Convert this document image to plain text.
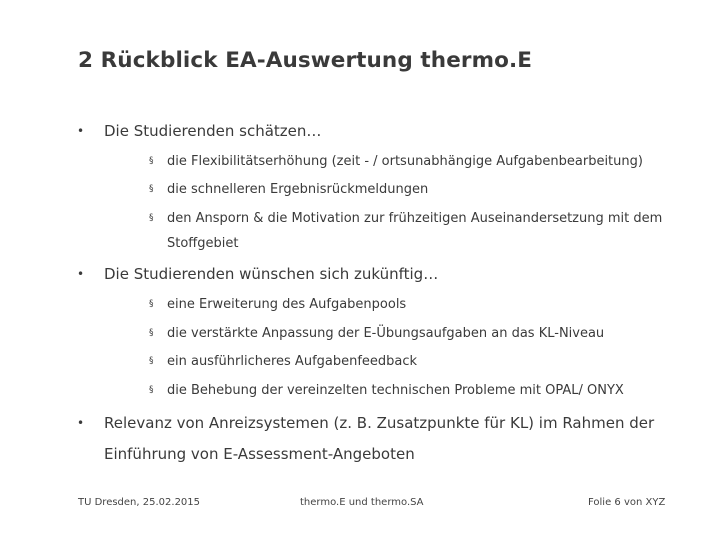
2 Rückblick EA-Auswertung thermo.E
• Die Studierenden schätzen…
§ die Flexibilitätserhöhung (zeit - / ortsunabhängige Aufgabenbearbeitung)
§ die schnelleren Ergebnisrückmeldungen
§ den Ansporn & die Motivation zur frühzeitigen Auseinandersetzung mit dem Stoffgebiet
• Die Studierenden wünschen sich zukünftig…
§ eine Erweiterung des Aufgabenpools
§ die verstärkte Anpassung der E-Übungsaufgaben an das KL-Niveau
§ ein ausführlicheres Aufgabenfeedback
§ die Behebung der vereinzelten technischen Probleme mit OPAL/ ONYX
• Relevanz von Anreizsystemen (z. B. Zusatzpunkte für KL) im Rahmen der Einführung von E-Assessment-Angeboten
TU Dresden, 25.02.2015	thermo.E und thermo.SA	Folie 6 von XYZ
